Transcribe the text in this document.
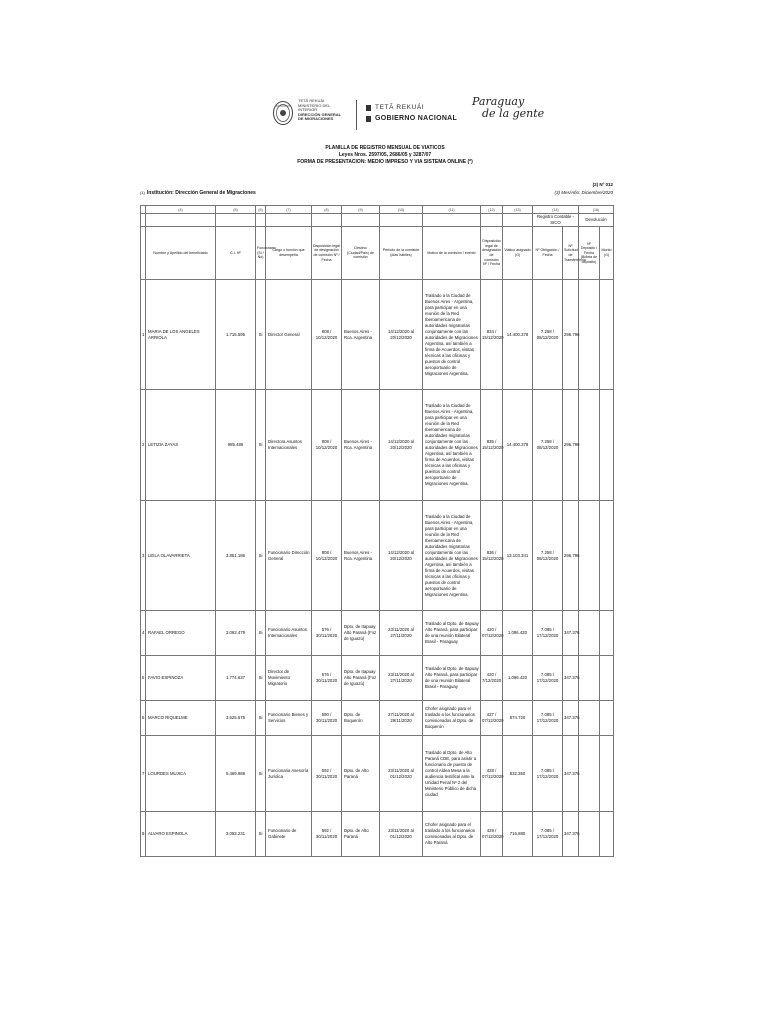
TETÃ REKUÁI
MINISTERIO DEL
INTERIOR
DIRECCIÓN GENERAL
DE MIGRACIONES
TETÃ REKUÁI
GOBIERNO NACIONAL
Paraguay
de la gente
PLANILLA DE REGISTRO MENSUAL DE VIATICOS
Leyes Nros. 2597/05, 2686/05 y 3287/07
FORMA DE PRESENTACION: MEDIO IMPRESO Y VIA SISTEMA ONLINE (*)
(1) Institución: Dirección General de Migraciones
(2) Nº 012
(3) Mes/Año: Diciembre/2020
	(4)	(5)	(6)	(7)	(8)	(9)	(10)	(11)	(12)	(13)	(14)		(16)	
											Registro Contable - SICO		Devolución	
	Nombre y Apellido del beneficiado	C.I. Nº	Funcionario (Sí / No)	Cargo o función que desempeña	Disposición legal de designación de comisión Nº / Fecha	Destino (Ciudad/País) de comisión	Período de la comisión (días hábiles)	Motivo de la comisión / evento	Disposición legal de designación de comisión Nº / Fecha	Viático asignado (G)	Nº Obligación / Fecha	Nº Solicitud de Transferencia	Nº Deposito / Fecha (Boleta de depósito)	Monto (G)
1	MARIA DE LOS ANGELES ARRIOLA	1.715.595	Si	Director General	808 / 10/12/2020	Buenos Aires - Rca. Argentina	14/12/2020 al 20/12/2020	Traslado a la Ciudad de Buenos Aires - Argentina, para participar en una reunión de la Red Iberoamericana de autoridades migratorias conjuntamente con las autoridades de Migraciones Argentina, así también a firma de Acuerdos, visitas técnicas a las oficinas y puestos de control aeroportuario de Migraciones Argentina.	834 / 15/12/2020	14.400.378	7.258 / 08/12/2020	296.796		
2	LETIZIA ZAYAS	985.486	Si	Directora Asuntos Internacionales	808 / 10/12/2020	Buenos Aires - Rca. Argentina	14/12/2020 al 20/12/2020	Traslado a la Ciudad de Buenos Aires - Argentina, para participar en una reunión de la Red Iberoamericana de autoridades migratorias conjuntamente con las autoridades de Migraciones Argentina, así también a firma de Acuerdos, visitas técnicas a las oficinas y puestos de control aeroportuario de Migraciones Argentina.	835 / 15/12/2020	14.400.378	7.258 / 08/12/2020	296.796		
3	LEILA OLAVARRIETA	3.851.186	Si	Funcionario Dirección General	808 / 10/12/2020	Buenos Aires - Rca. Argentina	14/12/2020 al 20/12/2020	Traslado a la Ciudad de Buenos Aires - Argentina, para participar en una reunión de la Red Iberoamericana de autoridades migratorias conjuntamente con las autoridades de Migraciones Argentina, así también a firma de Acuerdos, visitas técnicas a las oficinas y puestos de control aeroportuario de Migraciones Argentina.	836 / 15/12/2020	13.103.341	7.258 / 08/12/2020	296.796		
4	RAFAEL ORREGO	3.063.479	Si	Funcionario Asuntos Internacionales	576 / 30/11/2020	Dpto. de Itapuay Alto Paraná (Foz de Iguazú)	23/11/2020 al 27/11/2020	Traslado al Dpto. de Itapuay Alto Paraná, para participar de una reunión Bilateral Brasil - Paraguay	420 / 07/12/2020	1.096.420	7.085 / 17/12/2020	347.376		
5	FAVIO ESPINOZA	1.774.637	Si	Director de Movimiento Migratorio	576 / 30/11/2020	Dpto. de Itapuay Alto Paraná (Foz de Iguazú)	23/11/2020 al 27/11/2020	Traslado al Dpto. de Itapuay Alto Paraná, para participar de una reunión Bilateral Brasil - Paraguay	420 / 7/12/2020	1.096.420	7.085 / 17/12/2020	347.376		
6	MARCO RIQUELME	3.525.675	Si	Funcionario Bienes y Servicios	590 / 30/11/2020	Dpto. de Boquerón	27/11/2020 al 29/11/2020	Chofer asignado para el traslado a los funcionarios comisionados al Dpto. de Boquerón	427 / 07/12/2020	674.720	7.085 / 17/12/2020	347.376		
7	LOURDES MUJICA	5.469.988	Si	Funcionaria Asesoría Jurídica	592 / 30/11/2020	Dpto. de Alto Paraná	23/11/2020 al 01/12/2020	Traslado al Dpto. de Alto Paraná CDE, para asistir a funcionario de puesto de control Aldea Mesa a la audiencia testifical ante la Unidad Penal Nº 2 del Ministerio Público de dicha ciudad	428 / 07/12/2020	632.350	7.085 / 17/12/2020	347.376		
8	ALVARO ESPINOLA	3.053.231	Si	Funcionario de Gabinete	592 / 30/11/2020	Dpto. de Alto Paraná	23/11/2020 al 01/12/2020	Chofer asignado para el traslado a los funcionarios comisionados al Dpto. de Alto Paraná	429 / 07/12/2020	716.880	7.085 / 17/12/2020	347.376		
